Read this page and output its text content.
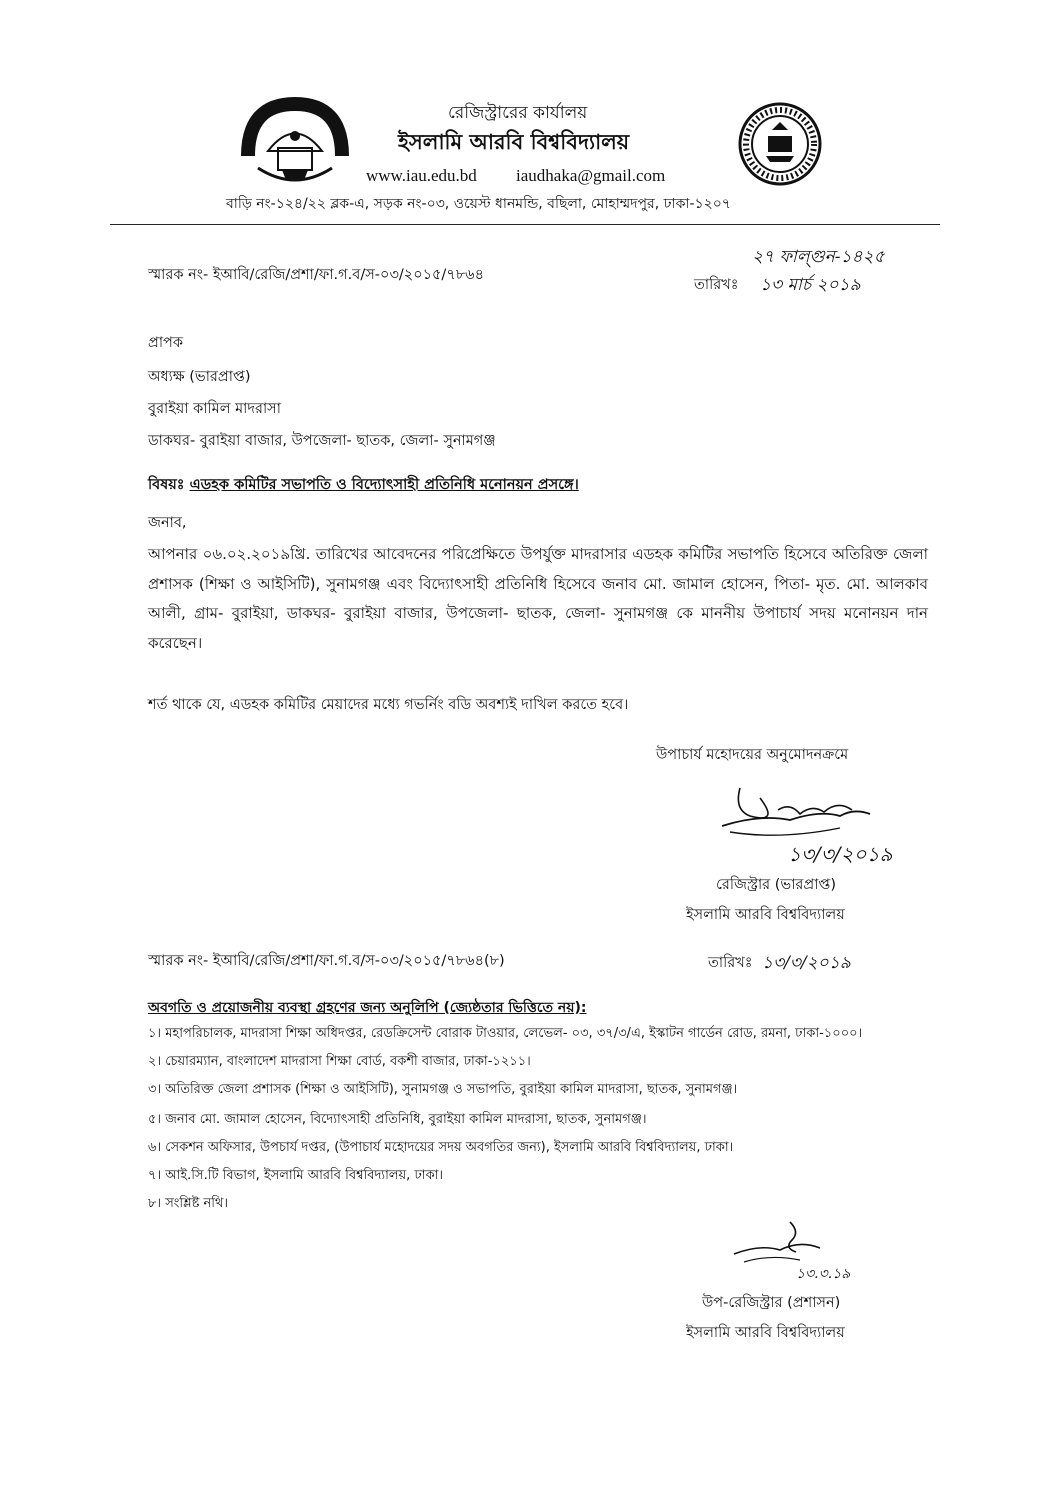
রেজিস্ট্রারের কার্যালয়
ইসলামি আরবি বিশ্ববিদ্যালয়
www.iau.edu.bd iaudhaka@gmail.com
বাড়ি নং-১২৪/২২ ব্লক-এ, সড়ক নং-০৩, ওয়েস্ট ধানমন্ডি, বছিলা, মোহাম্মদপুর, ঢাকা-১২০৭
স্মারক নং- ইআবি/রেজি/প্রশা/ফা.গ.ব/স-০৩/২০১৫/৭৮৬৪
২৭ ফাল্গুন-১৪২৫
তারিখঃ ১৩ মার্চ ২০১৯
প্রাপক
অধ্যক্ষ (ভারপ্রাপ্ত)
বুরাইয়া কামিল মাদরাসা
ডাকঘর- বুরাইয়া বাজার, উপজেলা- ছাতক, জেলা- সুনামগঞ্জ
বিষয়ঃ এডহক কমিটির সভাপতি ও বিদ্যোৎসাহী প্রতিনিধি মনোনয়ন প্রসঙ্গে।
জনাব,
আপনার ০৬.০২.২০১৯খ্রি. তারিখের আবেদনের পরিপ্রেক্ষিতে উপর্যুক্ত মাদরাসার এডহক কমিটির সভাপতি হিসেবে অতিরিক্ত জেলা প্রশাসক (শিক্ষা ও আইসিটি), সুনামগঞ্জ এবং বিদ্যোৎসাহী প্রতিনিধি হিসেবে জনাব মো. জামাল হোসেন, পিতা- মৃত. মো. আলকাব আলী, গ্রাম- বুরাইয়া, ডাকঘর- বুরাইয়া বাজার, উপজেলা- ছাতক, জেলা- সুনামগঞ্জ কে মাননীয় উপাচার্য সদয় মনোনয়ন দান করেছেন।
শর্ত থাকে যে, এডহক কমিটির মেয়াদের মধ্যে গভর্নিং বডি অবশ্যই দাখিল করতে হবে।
উপাচার্য মহোদয়ের অনুমোদনক্রমে
১৩/৩/২০১৯
রেজিস্ট্রার (ভারপ্রাপ্ত)
ইসলামি আরবি বিশ্ববিদ্যালয়
স্মারক নং- ইআবি/রেজি/প্রশা/ফা.গ.ব/স-০৩/২০১৫/৭৮৬৪(৮)	তারিখঃ ১৩/৩/২০১৯
অবগতি ও প্রয়োজনীয় ব্যবস্থা গ্রহণের জন্য অনুলিপি (জ্যেষ্ঠতার ভিত্তিতে নয়):
১। মহাপরিচালক, মাদরাসা শিক্ষা অধিদপ্তর, রেডক্রিসেন্ট বোরাক টাওয়ার, লেভেল- ০৩, ৩৭/৩/এ, ইস্কাটন গার্ডেন রোড, রমনা, ঢাকা-১০০০।
২। চেয়ারম্যান, বাংলাদেশ মাদরাসা শিক্ষা বোর্ড, বকশী বাজার, ঢাকা-১২১১।
৩। অতিরিক্ত জেলা প্রশাসক (শিক্ষা ও আইসিটি), সুনামগঞ্জ ও সভাপতি, বুরাইয়া কামিল মাদরাসা, ছাতক, সুনামগঞ্জ।
৫। জনাব মো. জামাল হোসেন, বিদ্যোৎসাহী প্রতিনিধি, বুরাইয়া কামিল মাদরাসা, ছাতক, সুনামগঞ্জ।
৬। সেকশন অফিসার, উপচার্য দপ্তর, (উপাচার্য মহোদয়ের সদয় অবগতির জন্য), ইসলামি আরবি বিশ্ববিদ্যালয়, ঢাকা।
৭। আই.সি.টি বিভাগ, ইসলামি আরবি বিশ্ববিদ্যালয়, ঢাকা।
৮। সংশ্লিষ্ট নথি।
১৩.৩.১৯
উপ-রেজিস্ট্রার (প্রশাসন)
ইসলামি আরবি বিশ্ববিদ্যালয়
